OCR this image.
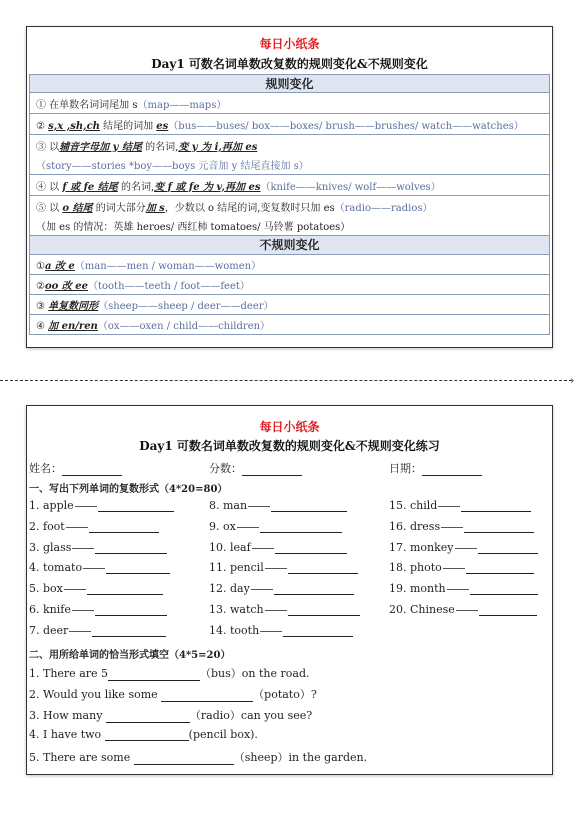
每日小纸条
Day1 可数名词单数改复数的规则变化&不规则变化
规则变化
① 在单数名词词尾加 s（map——maps）
② s,x ,sh,ch 结尾的词加 es（bus——buses/ box——boxes/ brush——brushes/ watch——watches）
③ 以辅音字母加 y 结尾 的名词,变 y 为 i,再加 es
（story——stories *boy——boys 元音加 y 结尾直接加 s）
④ 以 f 或 fe 结尾 的名词,变 f 或 fe 为 v,再加 es（knife——knives/ wolf——wolves）
⑤ 以 o 结尾 的词大部分加 s，少数以 o 结尾的词,变复数时只加 es（radio——radios）
（加 es 的情况：英雄 heroes/ 西红柿 tomatoes/ 马铃薯 potatoes）
不规则变化
①a 改 e（man——men / woman——women）
②oo 改 ee（tooth——teeth / foot——feet）
③ 单复数同形（sheep——sheep / deer——deer）
④ 加 en/ren（ox——oxen / child——children）
›
每日小纸条
Day1 可数名词单数改复数的规则变化&不规则变化练习
姓名：	分数：	日期：
一、写出下列单词的复数形式（4*20=80）
1. apple
2. foot
3. glass
4. tomato
5. box
6. knife
7. deer
8. man
9. ox
10. leaf
11. pencil
12. day
13. watch
14. tooth
15. child
16. dress
17. monkey
18. photo
19. month
20. Chinese
二、用所给单词的恰当形式填空（4*5=20）
1. There are 5	（bus）on the road.
2. Would you like some	（potato）?
3. How many	（radio）can you see?
4. I have two	(pencil box).
5. There are some	（sheep）in the garden.
